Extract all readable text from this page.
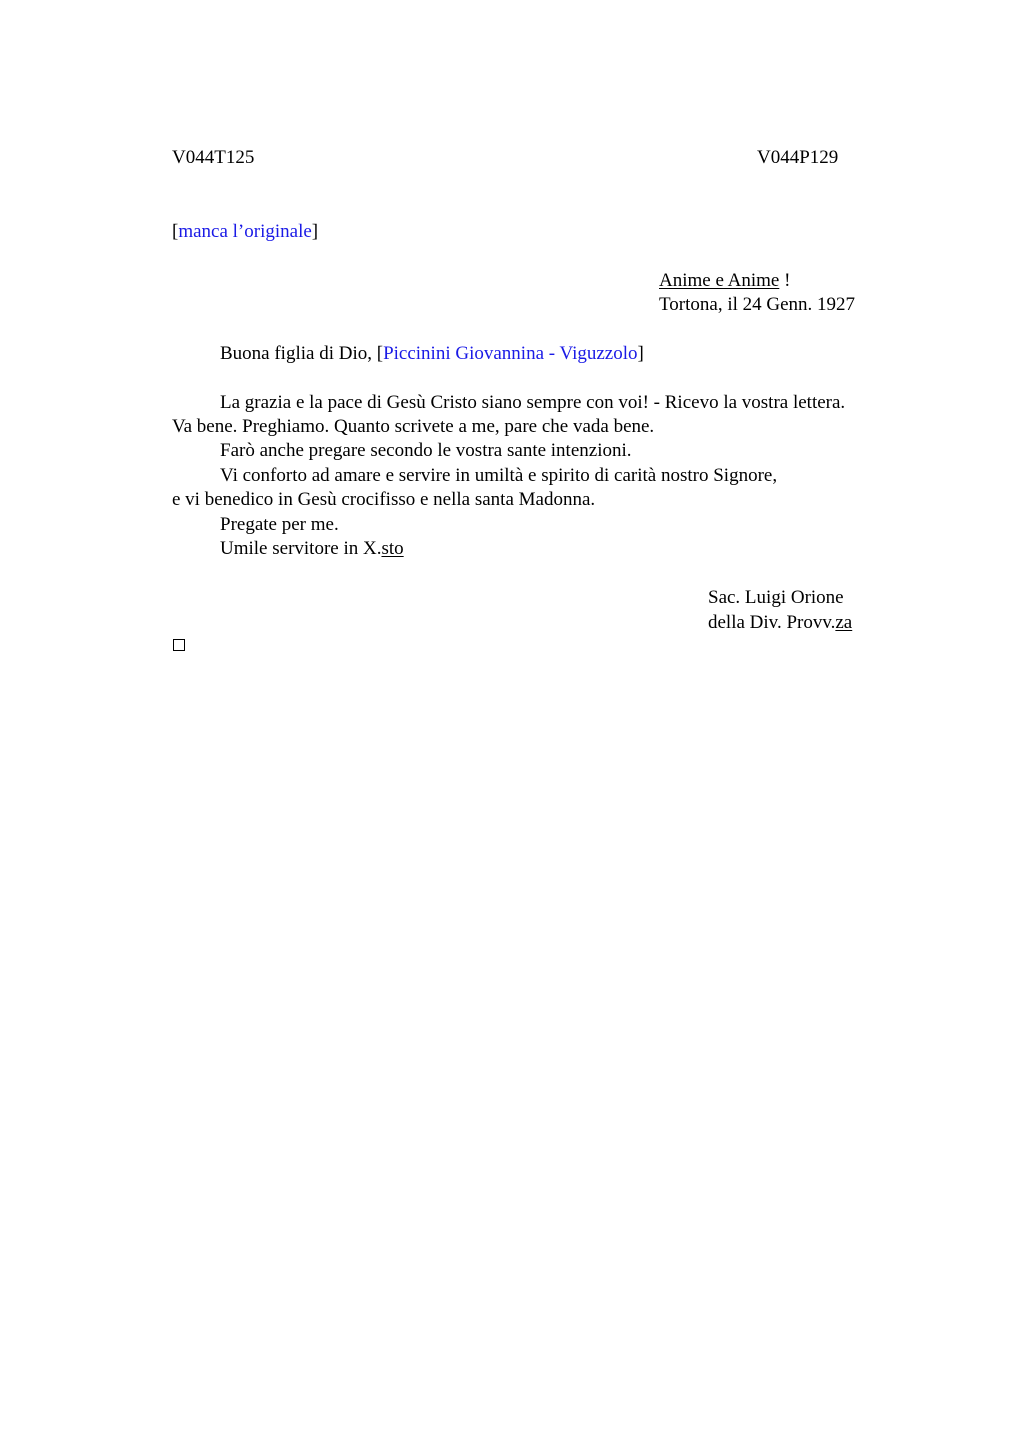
V044T125	V044P129
[manca l’originale]
Anime e Anime !
Tortona, il 24 Genn. 1927
Buona figlia di Dio, [Piccinini Giovannina - Viguzzolo]
La grazia e la pace di Gesù Cristo siano sempre con voi! - Ricevo la vostra lettera.
Va bene. Preghiamo. Quanto scrivete a me, pare che vada bene.
Farò anche pregare secondo le vostra sante intenzioni.
Vi conforto ad amare e servire in umiltà e spirito di carità nostro Signore,
e vi benedico in Gesù crocifisso e nella santa Madonna.
Pregate per me.
Umile servitore in X.sto
Sac. Luigi Orione
della Div. Provv.za
